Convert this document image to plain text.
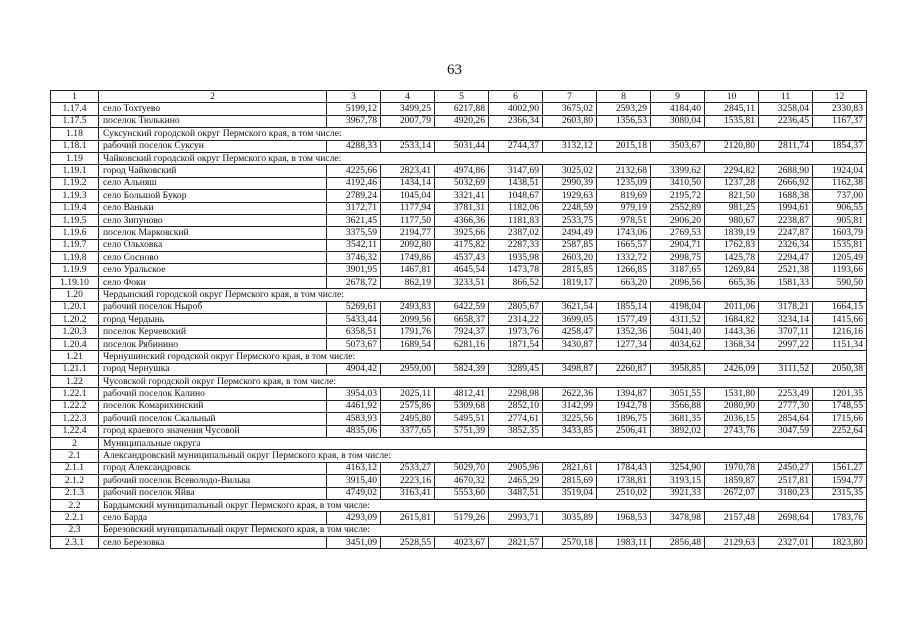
63
1	2	3	4	5	6	7	8	9	10	11	12
1.17.4	село Тохтуево	5199,12	3499,25	6217,88	4002,90	3675,02	2593,29	4184,40	2845,11	3258,04	2330,83
1.17.5	поселок Тюлькино	3967,78	2007,79	4920,26	2366,34	2603,80	1356,53	3080,04	1535,81	2236,45	1167,37
1.18	Суксунский городской округ Пермского края, в том числе:										
1.18.1	рабочий поселок Суксун	4288,33	2533,14	5031,44	2744,37	3132,12	2015,18	3503,67	2120,80	2811,74	1854,37
1.19	Чайковский городской округ Пермского края, в том числе:										
1.19.1	город Чайковский	4225,66	2823,41	4974,86	3147,69	3025,02	2132,68	3399,62	2294,82	2688,90	1924,04
1.19.2	село Альняш	4192,46	1434,14	5032,69	1438,51	2990,39	1235,09	3410,50	1237,28	2666,92	1162,38
1.19.3	село Большой Букор	2789,24	1045,04	3321,41	1048,67	1929,63	819,69	2195,72	821,50	1688,38	737,00
1.19.4	село Ваньки	3172,71	1177,94	3781,31	1182,06	2248,59	979,19	2552,89	981,25	1994,61	906,55
1.19.5	село Зипуново	3621,45	1177,50	4366,36	1181,83	2533,75	978,51	2906,20	980,67	2238,87	905,81
1.19.6	поселок Марковский	3375,59	2194,77	3925,66	2387,02	2494,49	1743,06	2769,53	1839,19	2247,87	1603,79
1.19.7	село Ольховка	3542,11	2092,80	4175,82	2287,33	2587,85	1665,57	2904,71	1762,83	2326,34	1535,81
1.19.8	село Сосново	3746,32	1749,86	4537,43	1935,98	2603,20	1332,72	2998,75	1425,78	2294,47	1205,49
1.19.9	село Уральское	3901,95	1467,81	4645,54	1473,78	2815,85	1266,85	3187,65	1269,84	2521,38	1193,66
1.19.10	село Фоки	2678,72	862,19	3233,51	866,52	1819,17	663,20	2096,56	665,36	1581,33	590,50
1.20	Чердынский городской округ Пермского края, в том числе:										
1.20.1	рабочий поселок Ныроб	5269,61	2493,83	6422,59	2805,67	3621,54	1855,14	4198,04	2011,06	3178,21	1664,15
1.20.2	город Чердынь	5433,44	2099,56	6658,37	2314,22	3699,05	1577,49	4311,52	1684,82	3234,14	1415,66
1.20.3	поселок Керчевский	6358,51	1791,76	7924,37	1973,76	4258,47	1352,36	5041,40	1443,36	3707,11	1216,16
1.20.4	поселок Рябинино	5073,67	1689,54	6281,16	1871,54	3430,87	1277,34	4034,62	1368,34	2997,22	1151,34
1.21	Чернушинский городской округ Пермского края, в том числе:										
1.21.1	город Чернушка	4904,42	2959,00	5824,39	3289,45	3498,87	2260,87	3958,85	2426,09	3111,52	2050,38
1.22	Чусовской городской округ Пермского края, в том числе:										
1.22.1	рабочий поселок Калино	3954,03	2025,11	4812,41	2298,98	2622,36	1394,87	3051,55	1531,80	2253,49	1201,35
1.22.2	поселок Комарихинский	4461,92	2575,86	5309,68	2852,10	3142,99	1942,78	3566,88	2080,90	2777,30	1748,55
1.22.3	рабочий поселок Скальный	4583,93	2495,80	5495,51	2774,61	3225,56	1896,75	3681,35	2036,15	2854,64	1715,66
1.22.4	город краевого значения Чусовой	4835,06	3377,65	5751,39	3852,35	3433,85	2506,41	3892,02	2743,76	3047,59	2252,64
2	Муниципальные округа										
2.1	Александровский муниципальный округ Пермского края, в том числе:										
2.1.1	город Александровск	4163,12	2533,27	5029,70	2905,96	2821,61	1784,43	3254,90	1970,78	2450,27	1561,27
2.1.2	рабочий поселок Всеволодо-Вильва	3915,40	2223,16	4670,32	2465,29	2815,69	1738,81	3193,15	1859,87	2517,81	1594,77
2.1.3	рабочий поселок Яйва	4749,02	3163,41	5553,60	3487,51	3519,04	2510,02	3921,33	2672,07	3180,23	2315,35
2.2	Бардымский муниципальный округ Пермского края, в том числе:										
2.2.1	село Барда	4293,09	2615,81	5179,26	2993,71	3035,89	1968,53	3478,98	2157,48	2698,64	1783,76
2.3	Березовский муниципальный округ Пермского края, в том числе:										
2.3.1	село Березовка	3451,09	2528,55	4023,67	2821,57	2570,18	1983,11	2856,48	2129,63	2327,01	1823,80
